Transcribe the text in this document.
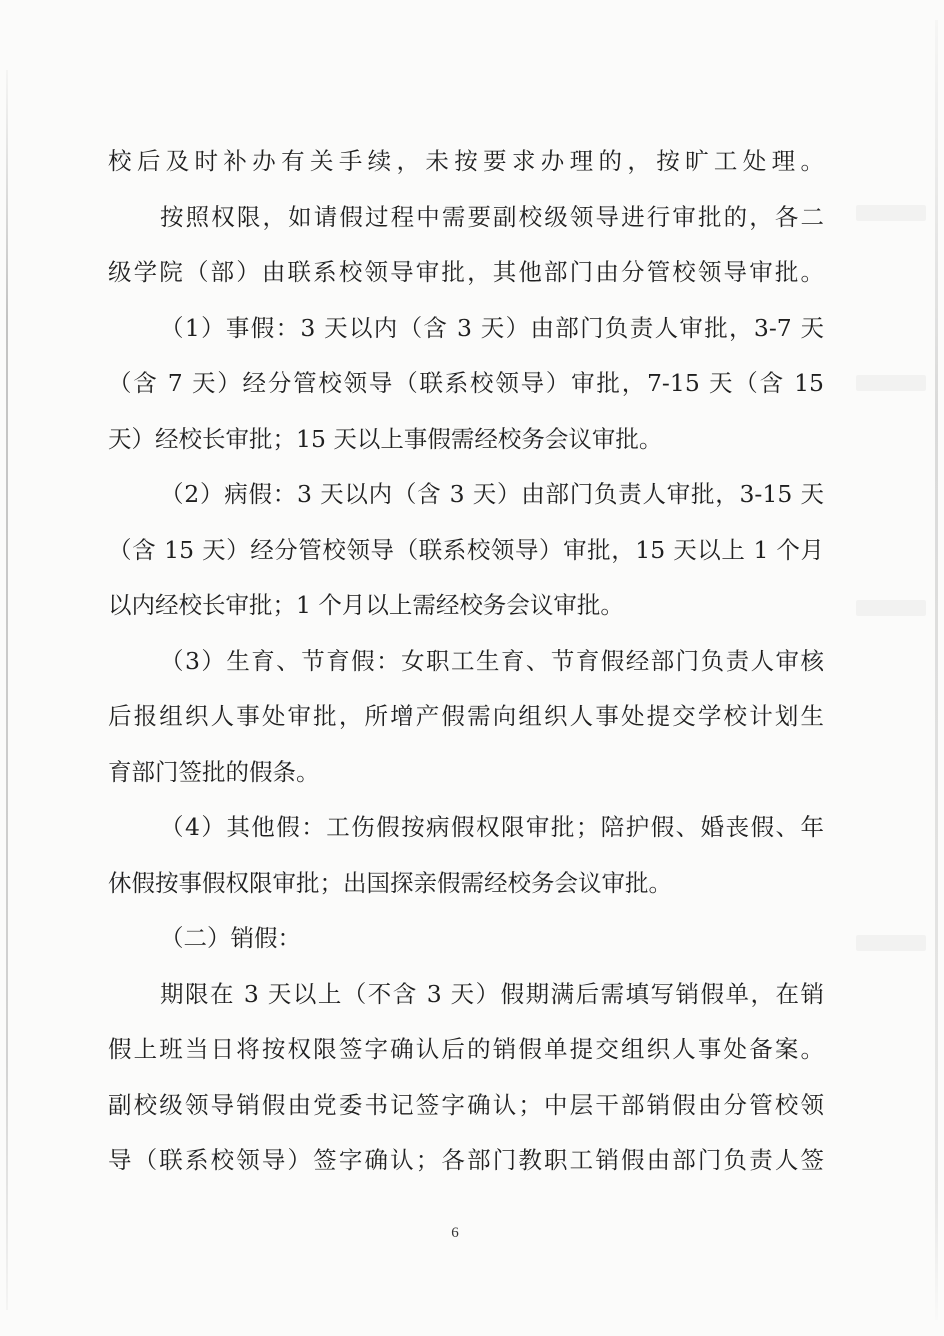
校后及时补办有关手续，未按要求办理的，按旷工处理。
按照权限，如请假过程中需要副校级领导进行审批的，各二
级学院（部）由联系校领导审批，其他部门由分管校领导审批。
（1）事假：3 天以内（含 3 天）由部门负责人审批，3-7 天
（含 7 天）经分管校领导（联系校领导）审批，7-15 天（含 15
天）经校长审批；15 天以上事假需经校务会议审批。
（2）病假：3 天以内（含 3 天）由部门负责人审批，3-15 天
（含 15 天）经分管校领导（联系校领导）审批，15 天以上 1 个月
以内经校长审批；1 个月以上需经校务会议审批。
（3）生育、节育假：女职工生育、节育假经部门负责人审核
后报组织人事处审批，所增产假需向组织人事处提交学校计划生
育部门签批的假条。
（4）其他假：工伤假按病假权限审批；陪护假、婚丧假、年
休假按事假权限审批；出国探亲假需经校务会议审批。
（二）销假：
期限在 3 天以上（不含 3 天）假期满后需填写销假单，在销
假上班当日将按权限签字确认后的销假单提交组织人事处备案。
副校级领导销假由党委书记签字确认；中层干部销假由分管校领
导（联系校领导）签字确认；各部门教职工销假由部门负责人签
6
